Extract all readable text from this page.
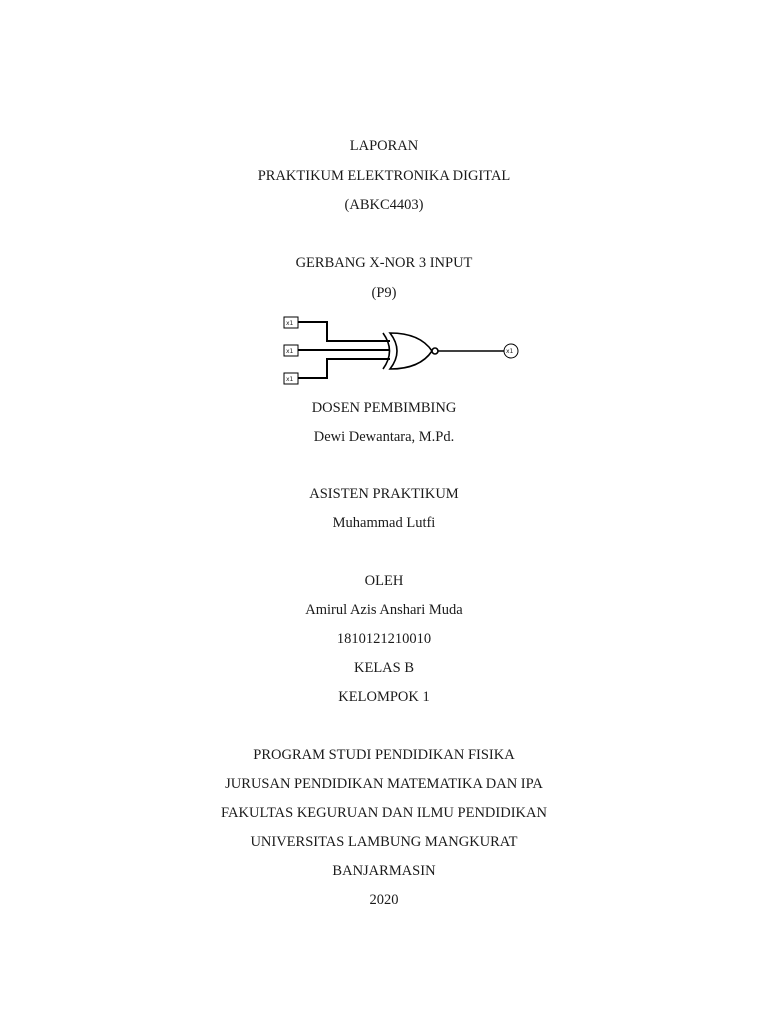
LAPORAN
PRAKTIKUM ELEKTRONIKA DIGITAL
(ABKC4403)
GERBANG X-NOR 3 INPUT
(P9)
x1
x1
x1
x1
DOSEN PEMBIMBING
Dewi Dewantara, M.Pd.
ASISTEN PRAKTIKUM
Muhammad Lutfi
OLEH
Amirul Azis Anshari Muda
1810121210010
KELAS B
KELOMPOK 1
PROGRAM STUDI PENDIDIKAN FISIKA
JURUSAN PENDIDIKAN MATEMATIKA DAN IPA
FAKULTAS KEGURUAN DAN ILMU PENDIDIKAN
UNIVERSITAS LAMBUNG MANGKURAT
BANJARMASIN
2020
